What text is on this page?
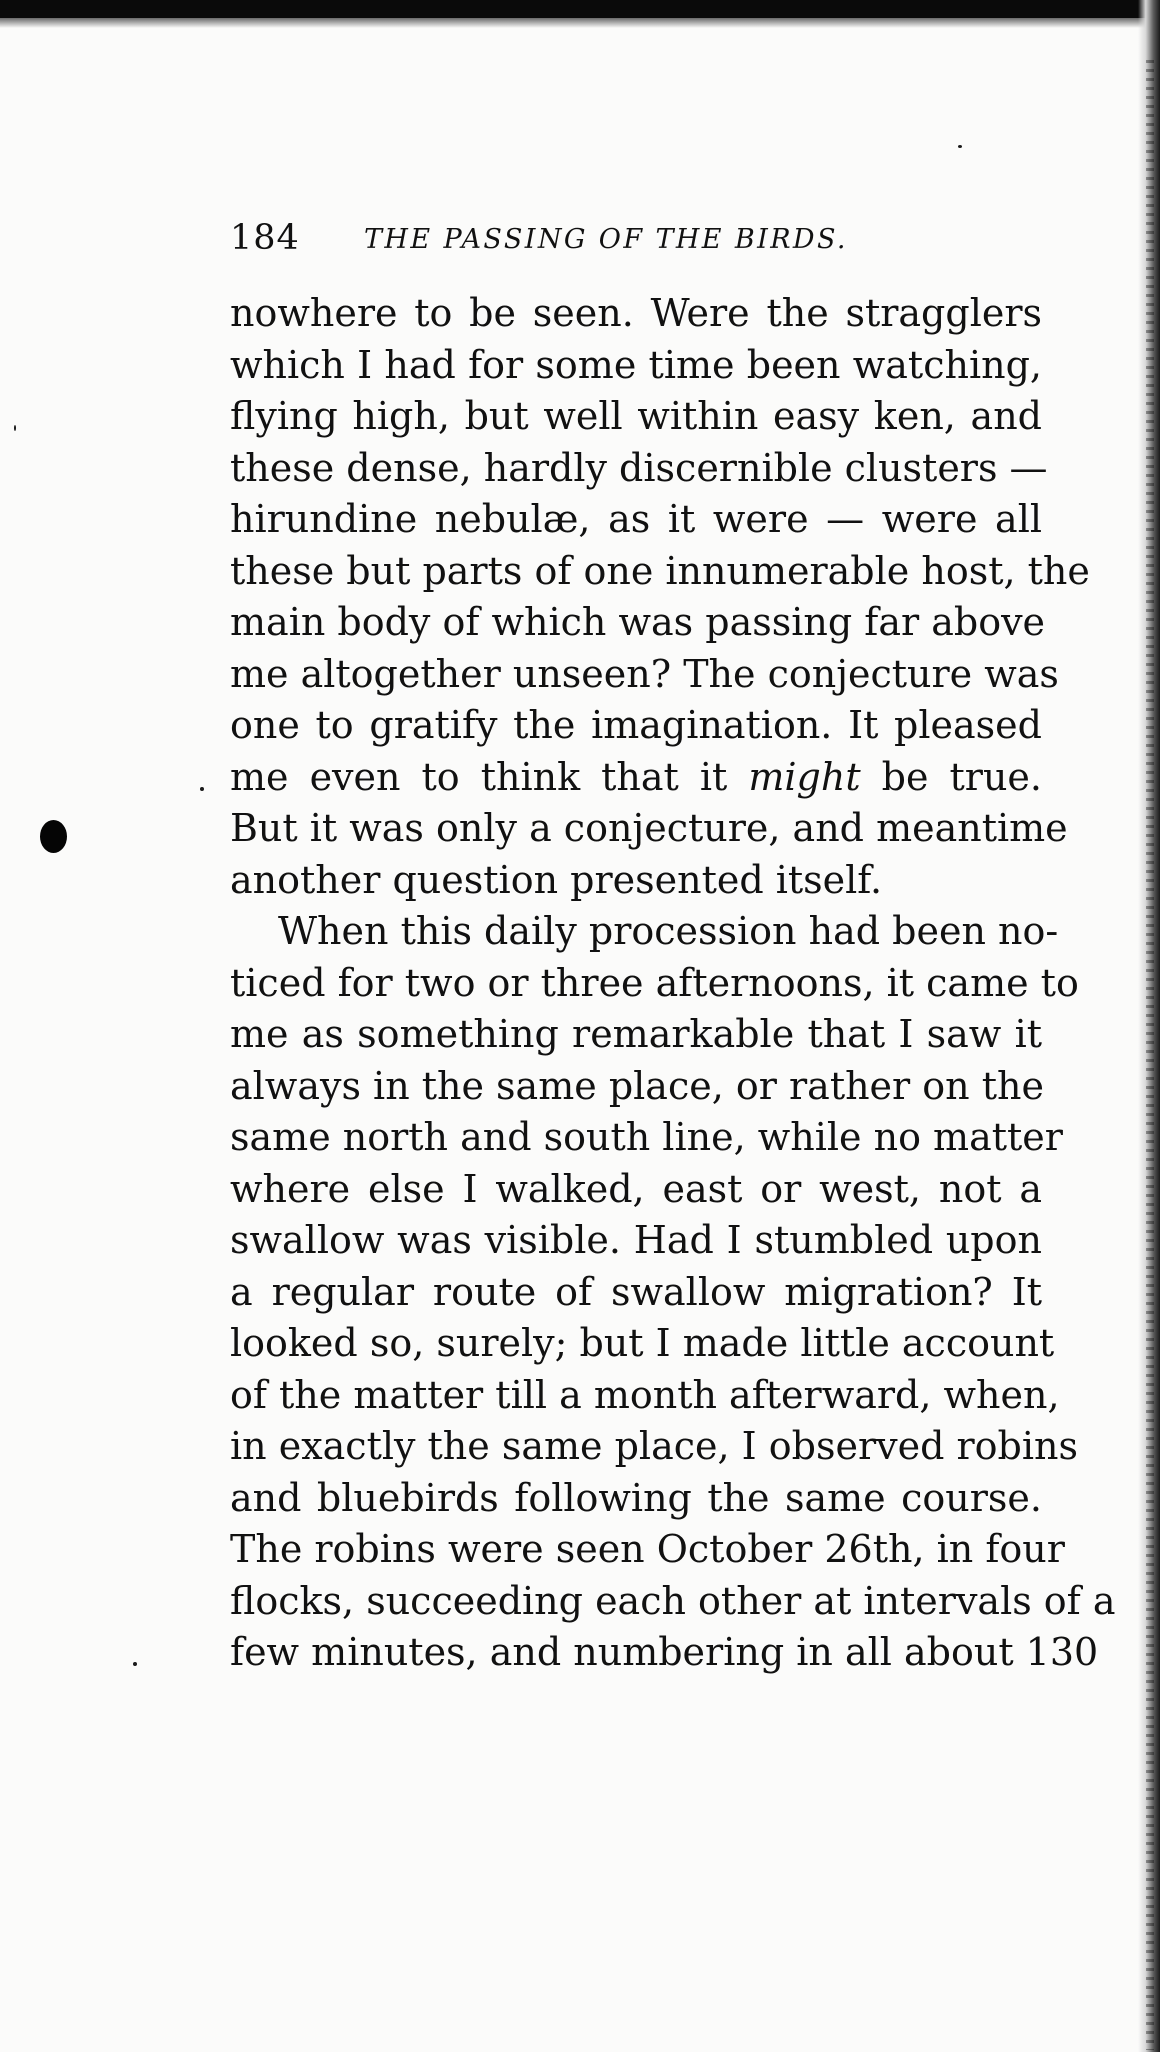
184 THE PASSING OF THE BIRDS.
nowhere to be seen. Were the stragglers
which I had for some time been watching,
flying high, but well within easy ken, and
these dense, hardly discernible clusters —
hirundine nebulæ, as it were — were all
these but parts of one innumerable host, the
main body of which was passing far above
me altogether unseen? The conjecture was
one to gratify the imagination. It pleased
me even to think that it might be true.
But it was only a conjecture, and meantime
another question presented itself.
When this daily procession had been no-
ticed for two or three afternoons, it came to
me as something remarkable that I saw it
always in the same place, or rather on the
same north and south line, while no matter
where else I walked, east or west, not a
swallow was visible. Had I stumbled upon
a regular route of swallow migration? It
looked so, surely; but I made little account
of the matter till a month afterward, when,
in exactly the same place, I observed robins
and bluebirds following the same course.
The robins were seen October 26th, in four
flocks, succeeding each other at intervals of a
few minutes, and numbering in all about 130
